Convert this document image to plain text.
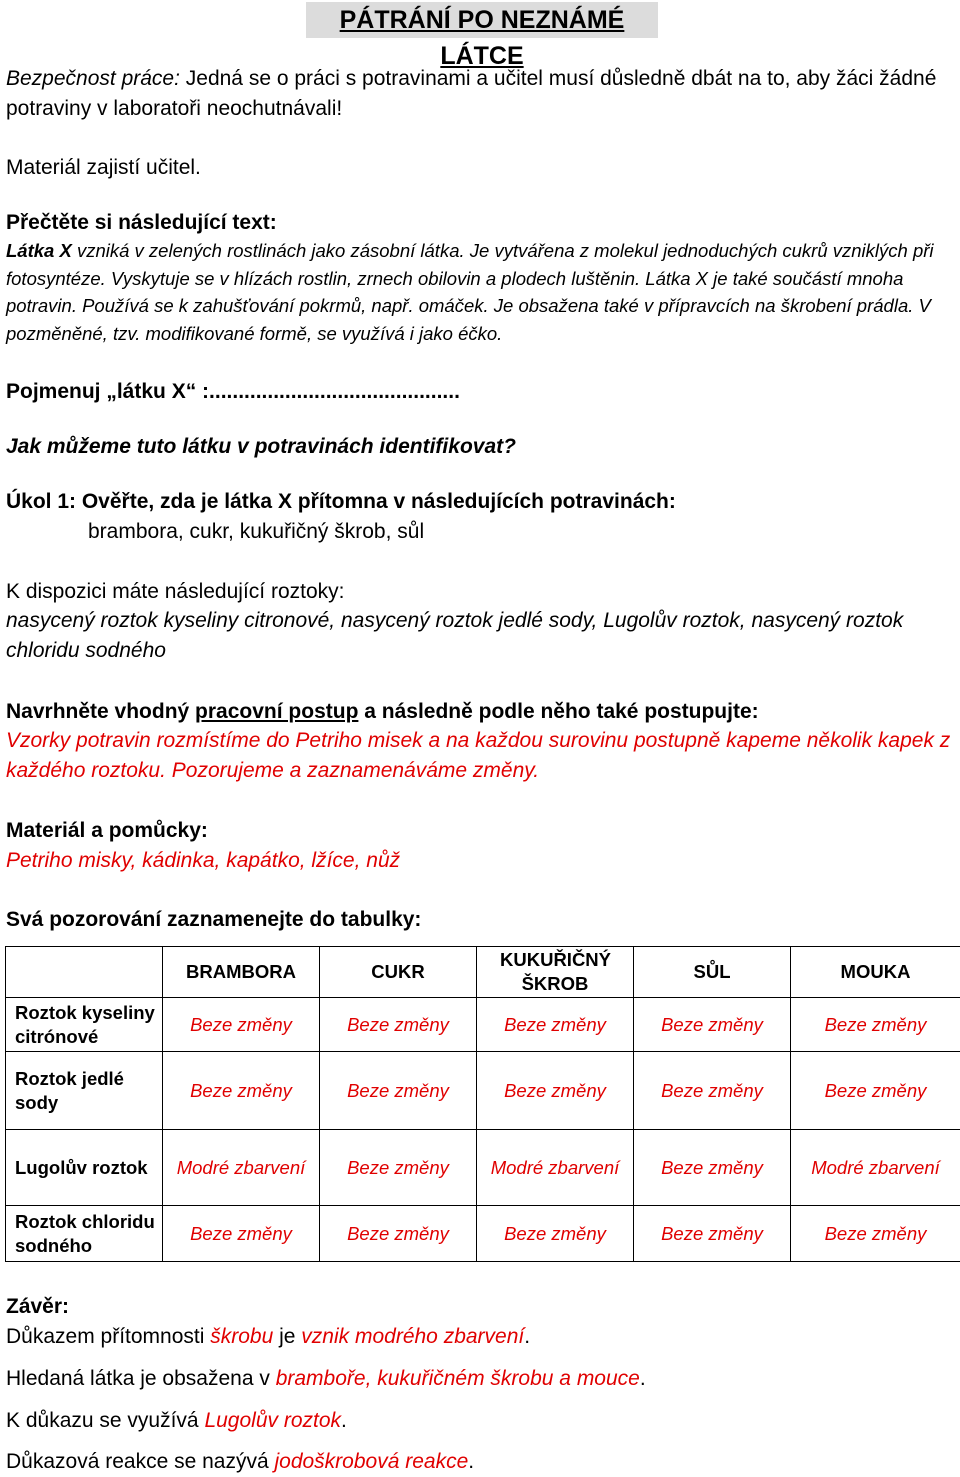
PÁTRÁNÍ PO NEZNÁMÉ LÁTCE
Bezpečnost práce: Jedná se o práci s potravinami a učitel musí důsledně dbát na to, aby žáci žádné potraviny v laboratoři neochutnávali!
Materiál zajistí učitel.
Přečtěte si následující text:
Látka X vzniká v zelených rostlinách jako zásobní látka. Je vytvářena z molekul jednoduchých cukrů vzniklých při fotosyntéze. Vyskytuje se v hlízách rostlin, zrnech obilovin a plodech luštěnin. Látka X je také součástí mnoha potravin. Používá se k zahušťování pokrmů, např. omáček. Je obsažena také v přípravcích na škrobení prádla. V pozměněné, tzv. modifikované formě, se využívá i jako éčko.
Pojmenuj „látku X“ :...........................................
Jak můžeme tuto látku v potravinách identifikovat?
Úkol 1: Ověřte, zda je látka X přítomna v následujících potravinách:
brambora, cukr, kukuřičný škrob, sůl
K dispozici máte následující roztoky:
nasycený roztok kyseliny citronové, nasycený roztok jedlé sody, Lugolův roztok, nasycený roztok chloridu sodného
Navrhněte vhodný pracovní postup a následně podle něho také postupujte:
Vzorky potravin rozmístíme do Petriho misek a na každou surovinu postupně kapeme několik kapek z každého roztoku. Pozorujeme a zaznamenáváme změny.
Materiál a pomůcky:
Petriho misky, kádinka, kapátko, lžíce, nůž
Svá pozorování zaznamenejte do tabulky:
	BRAMBORA	CUKR	KUKUŘIČNÝ ŠKROB	SŮL	MOUKA
Roztok kyseliny citrónové	Beze změny	Beze změny	Beze změny	Beze změny	Beze změny
Roztok jedlé sody	Beze změny	Beze změny	Beze změny	Beze změny	Beze změny
Lugolův roztok	Modré zbarvení	Beze změny	Modré zbarvení	Beze změny	Modré zbarvení
Roztok chloridu sodného	Beze změny	Beze změny	Beze změny	Beze změny	Beze změny
Závěr:
Důkazem přítomnosti škrobu je vznik modrého zbarvení.
Hledaná látka je obsažena v bramboře, kukuřičném škrobu a mouce.
K důkazu se využívá Lugolův roztok.
Důkazová reakce se nazývá jodoškrobová reakce.
